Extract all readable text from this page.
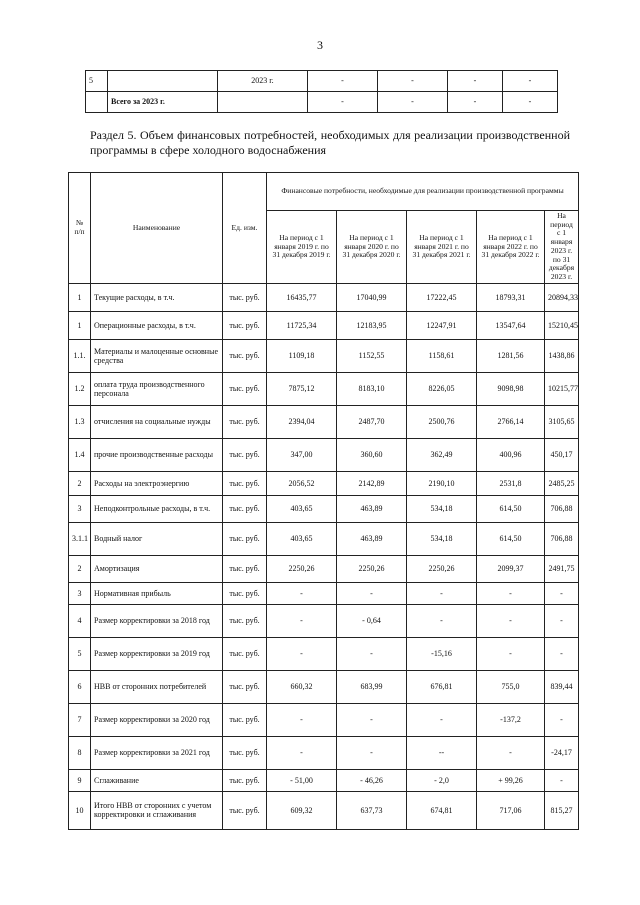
3
5		2023 г.	-	-	-	-
	Всего за 2023 г.		-	-	-	-
Раздел 5. Объем финансовых потребностей, необходимых для реализации производственной программы в сфере холодного водоснабжения
№ п/п	Наименование	Ед. изм.	Финансовые потребности, необходимые для реализации производственной программы				
			На период с 1 января 2019 г. по 31 декабря 2019 г.	На период с 1 января 2020 г. по 31 декабря 2020 г.	На период с 1 января 2021 г. по 31 декабря 2021 г.	На период с 1 января 2022 г. по 31 декабря 2022 г.	На период с 1 января 2023 г. по 31 декабря 2023 г.
1	Текущие расходы, в т.ч.	тыс. руб.	16435,77	17040,99	17222,45	18793,31	20894,33
1	Операционные расходы, в т.ч.	тыс. руб.	11725,34	12183,95	12247,91	13547,64	15210,45
1.1.	Материалы и малоценные основные средства	тыс. руб.	1109,18	1152,55	1158,61	1281,56	1438,86
1.2	оплата труда производственного персонала	тыс. руб.	7875,12	8183,10	8226,05	9098,98	10215,77
1.3	отчисления на социальные нужды	тыс. руб.	2394,04	2487,70	2500,76	2766,14	3105,65
1.4	прочие производственные расходы	тыс. руб.	347,00	360,60	362,49	400,96	450,17
2	Расходы на электроэнергию	тыс. руб.	2056,52	2142,89	2190,10	2531,8	2485,25
3	Неподконтрольные расходы, в т.ч.	тыс. руб.	403,65	463,89	534,18	614,50	706,88
3.1.1	Водный налог	тыс. руб.	403,65	463,89	534,18	614,50	706,88
2	Амортизация	тыс. руб.	2250,26	2250,26	2250,26	2099,37	2491,75
3	Нормативная прибыль	тыс. руб.	-	-	-	-	-
4	Размер корректировки за 2018 год	тыс. руб.	-	- 0,64	-	-	-
5	Размер корректировки за 2019 год	тыс. руб.	-	-	-15,16	-	-
6	НВВ от сторонних потребителей	тыс. руб.	660,32	683,99	676,81	755,0	839,44
7	Размер корректировки за 2020 год	тыс. руб.	-	-	-	-137,2	-
8	Размер корректировки за 2021 год	тыс. руб.	-	-	--	-	-24,17
9	Сглаживание	тыс. руб.	- 51,00	- 46,26	- 2,0	+ 99,26	-
10	Итого НВВ от сторонних с учетом корректировки и сглаживания	тыс. руб.	609,32	637,73	674,81	717,06	815,27
